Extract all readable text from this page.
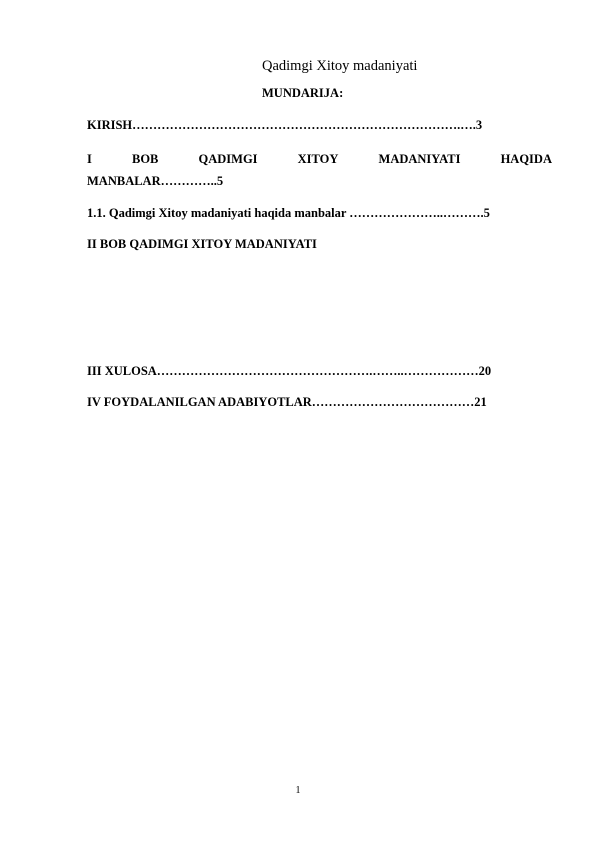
Qadimgi Xitoy madaniyati
MUNDARIJA:
KIRISH…………………………………………………………………….….3
I	BOB	QADIMGI	XITOY	MADANIYATI	HAQIDA
MANBALAR…………..5
1.1. Qadimgi Xitoy madaniyati haqida manbalar …………………..……….5
II BOB QADIMGI XITOY MADANIYATI
III XULOSA…………………………………………….……..………………20
IV FOYDALANILGAN ADABIYOTLAR…………………………………21
1
